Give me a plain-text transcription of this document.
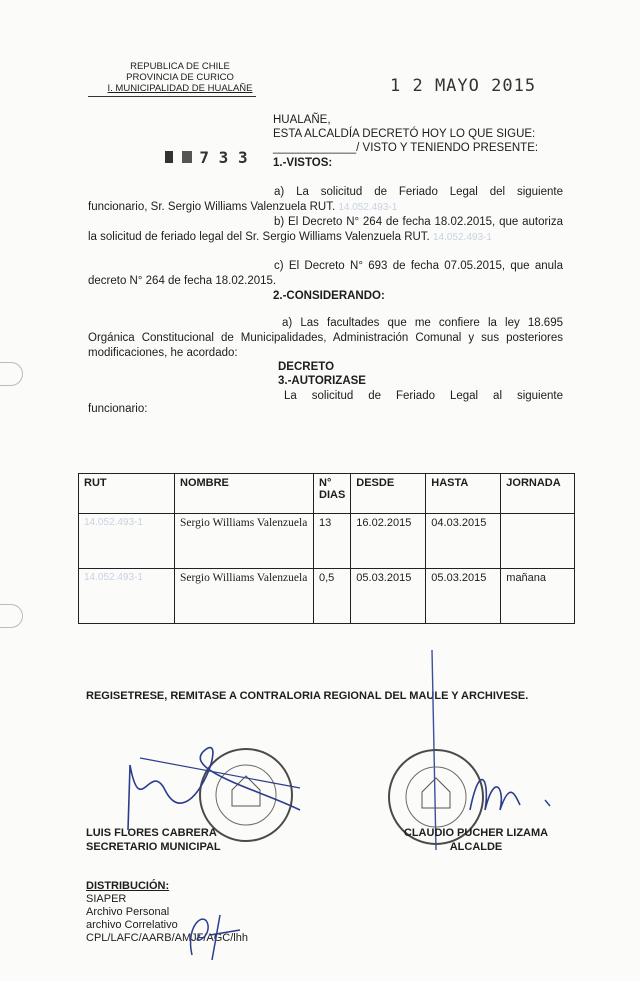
REPUBLICA DE CHILE
PROVINCIA DE CURICO
I. MUNICIPALIDAD DE HUALAÑE	1 2 MAYO 2015
7 3 3
HUALAÑE,
ESTA ALCALDÍA DECRETÓ HOY LO QUE SIGUE:
_____________/ VISTO Y TENIENDO PRESENTE:
1.-VISTOS:
a) La solicitud de Feriado Legal del siguiente funcionario, Sr. Sergio Williams Valenzuela RUT. 14.052.493-1
b) El Decreto N° 264 de fecha 18.02.2015, que autoriza la solicitud de feriado legal del Sr. Sergio Williams Valenzuela RUT. 14.052.493-1
c) El Decreto N° 693 de fecha 07.05.2015, que anula decreto N° 264 de fecha 18.02.2015.
2.-CONSIDERANDO:
a) Las facultades que me confiere la ley 18.695 Orgánica Constitucional de Municipalidades, Administración Comunal y sus posteriores modificaciones, he acordado:
DECRETO
3.-AUTORIZASE
La solicitud de Feriado Legal al siguiente
funcionario:
RUT	NOMBRE	N° DIAS	DESDE	HASTA	JORNADA
14.052.493-1	Sergio Williams Valenzuela	13	16.02.2015	04.03.2015	
14.052.493-1	Sergio Williams Valenzuela	0,5	05.03.2015	05.03.2015	mañana
REGISETRESE, REMITASE A CONTRALORIA REGIONAL DEL MAULE Y ARCHIVESE.
LUIS FLORES CABRERA
SECRETARIO MUNICIPAL
CLAUDIO PUCHER LIZAMA
ALCALDE
DISTRIBUCIÓN:
SIAPER
Archivo Personal
archivo Correlativo
CPL/LAFC/AARB/AMJF/AGC/lhh
